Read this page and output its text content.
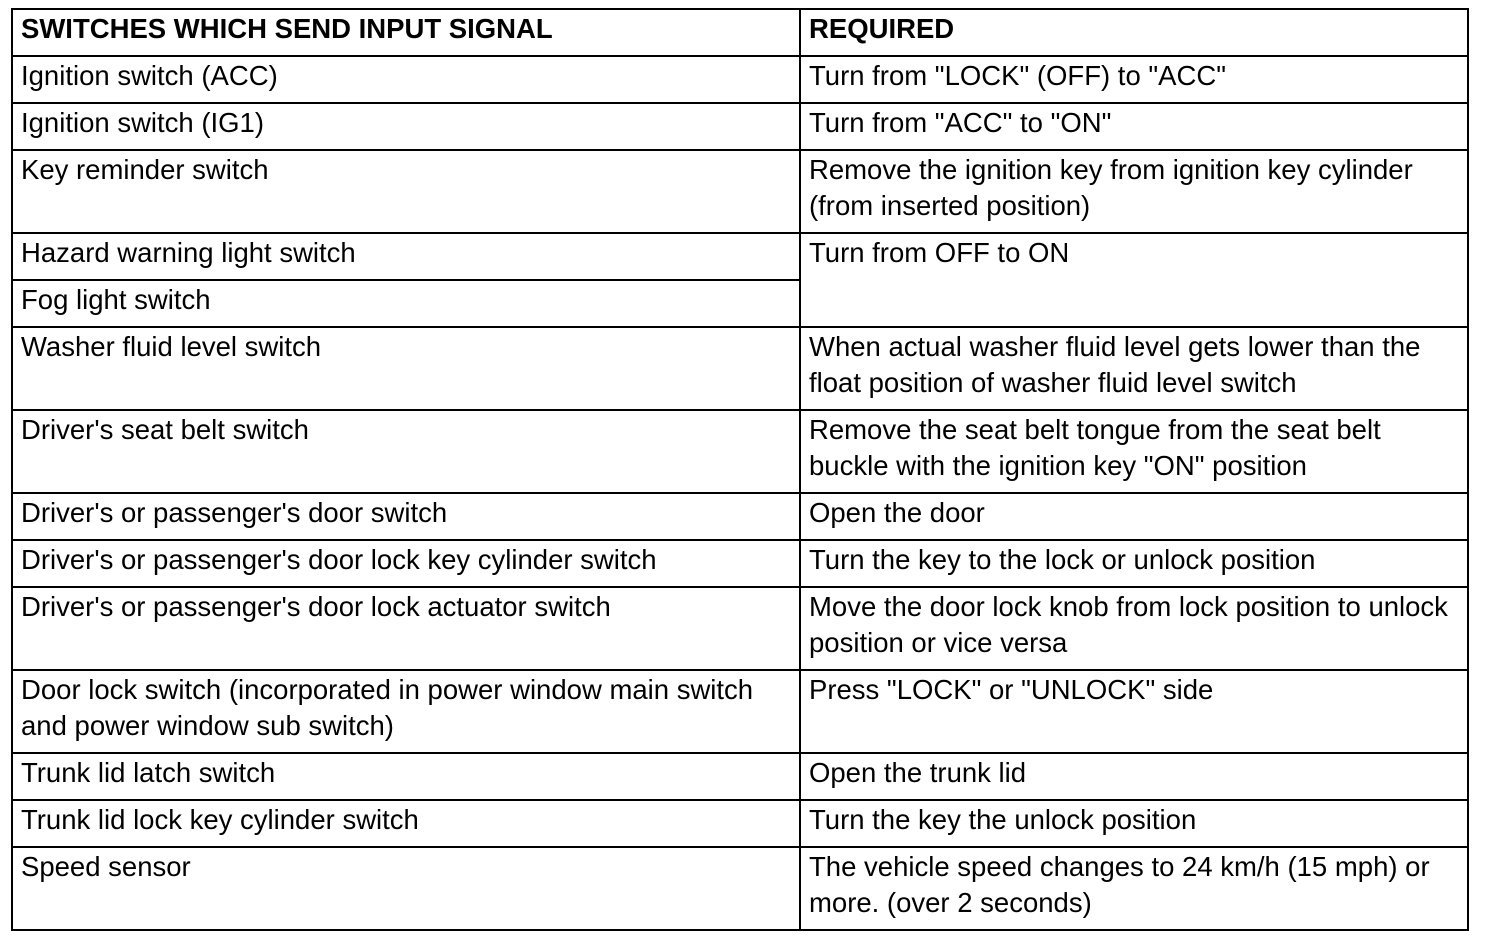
SWITCHES WHICH SEND INPUT SIGNAL	REQUIRED
Ignition switch (ACC)	Turn from "LOCK" (OFF) to "ACC"
Ignition switch (IG1)	Turn from "ACC" to "ON"
Key reminder switch	Remove the ignition key from ignition key cylinder (from inserted position)
Hazard warning light switch	Turn from OFF to ON
Fog light switch	
Washer fluid level switch	When actual washer fluid level gets lower than the float position of washer fluid level switch
Driver's seat belt switch	Remove the seat belt tongue from the seat belt buckle with the ignition key "ON" position
Driver's or passenger's door switch	Open the door
Driver's or passenger's door lock key cylinder switch	Turn the key to the lock or unlock position
Driver's or passenger's door lock actuator switch	Move the door lock knob from lock position to unlock position or vice versa
Door lock switch (incorporated in power window main switch and power window sub switch)	Press "LOCK" or "UNLOCK" side
Trunk lid latch switch	Open the trunk lid
Trunk lid lock key cylinder switch	Turn the key the unlock position
Speed sensor	The vehicle speed changes to 24 km/h (15 mph) or more. (over 2 seconds)
